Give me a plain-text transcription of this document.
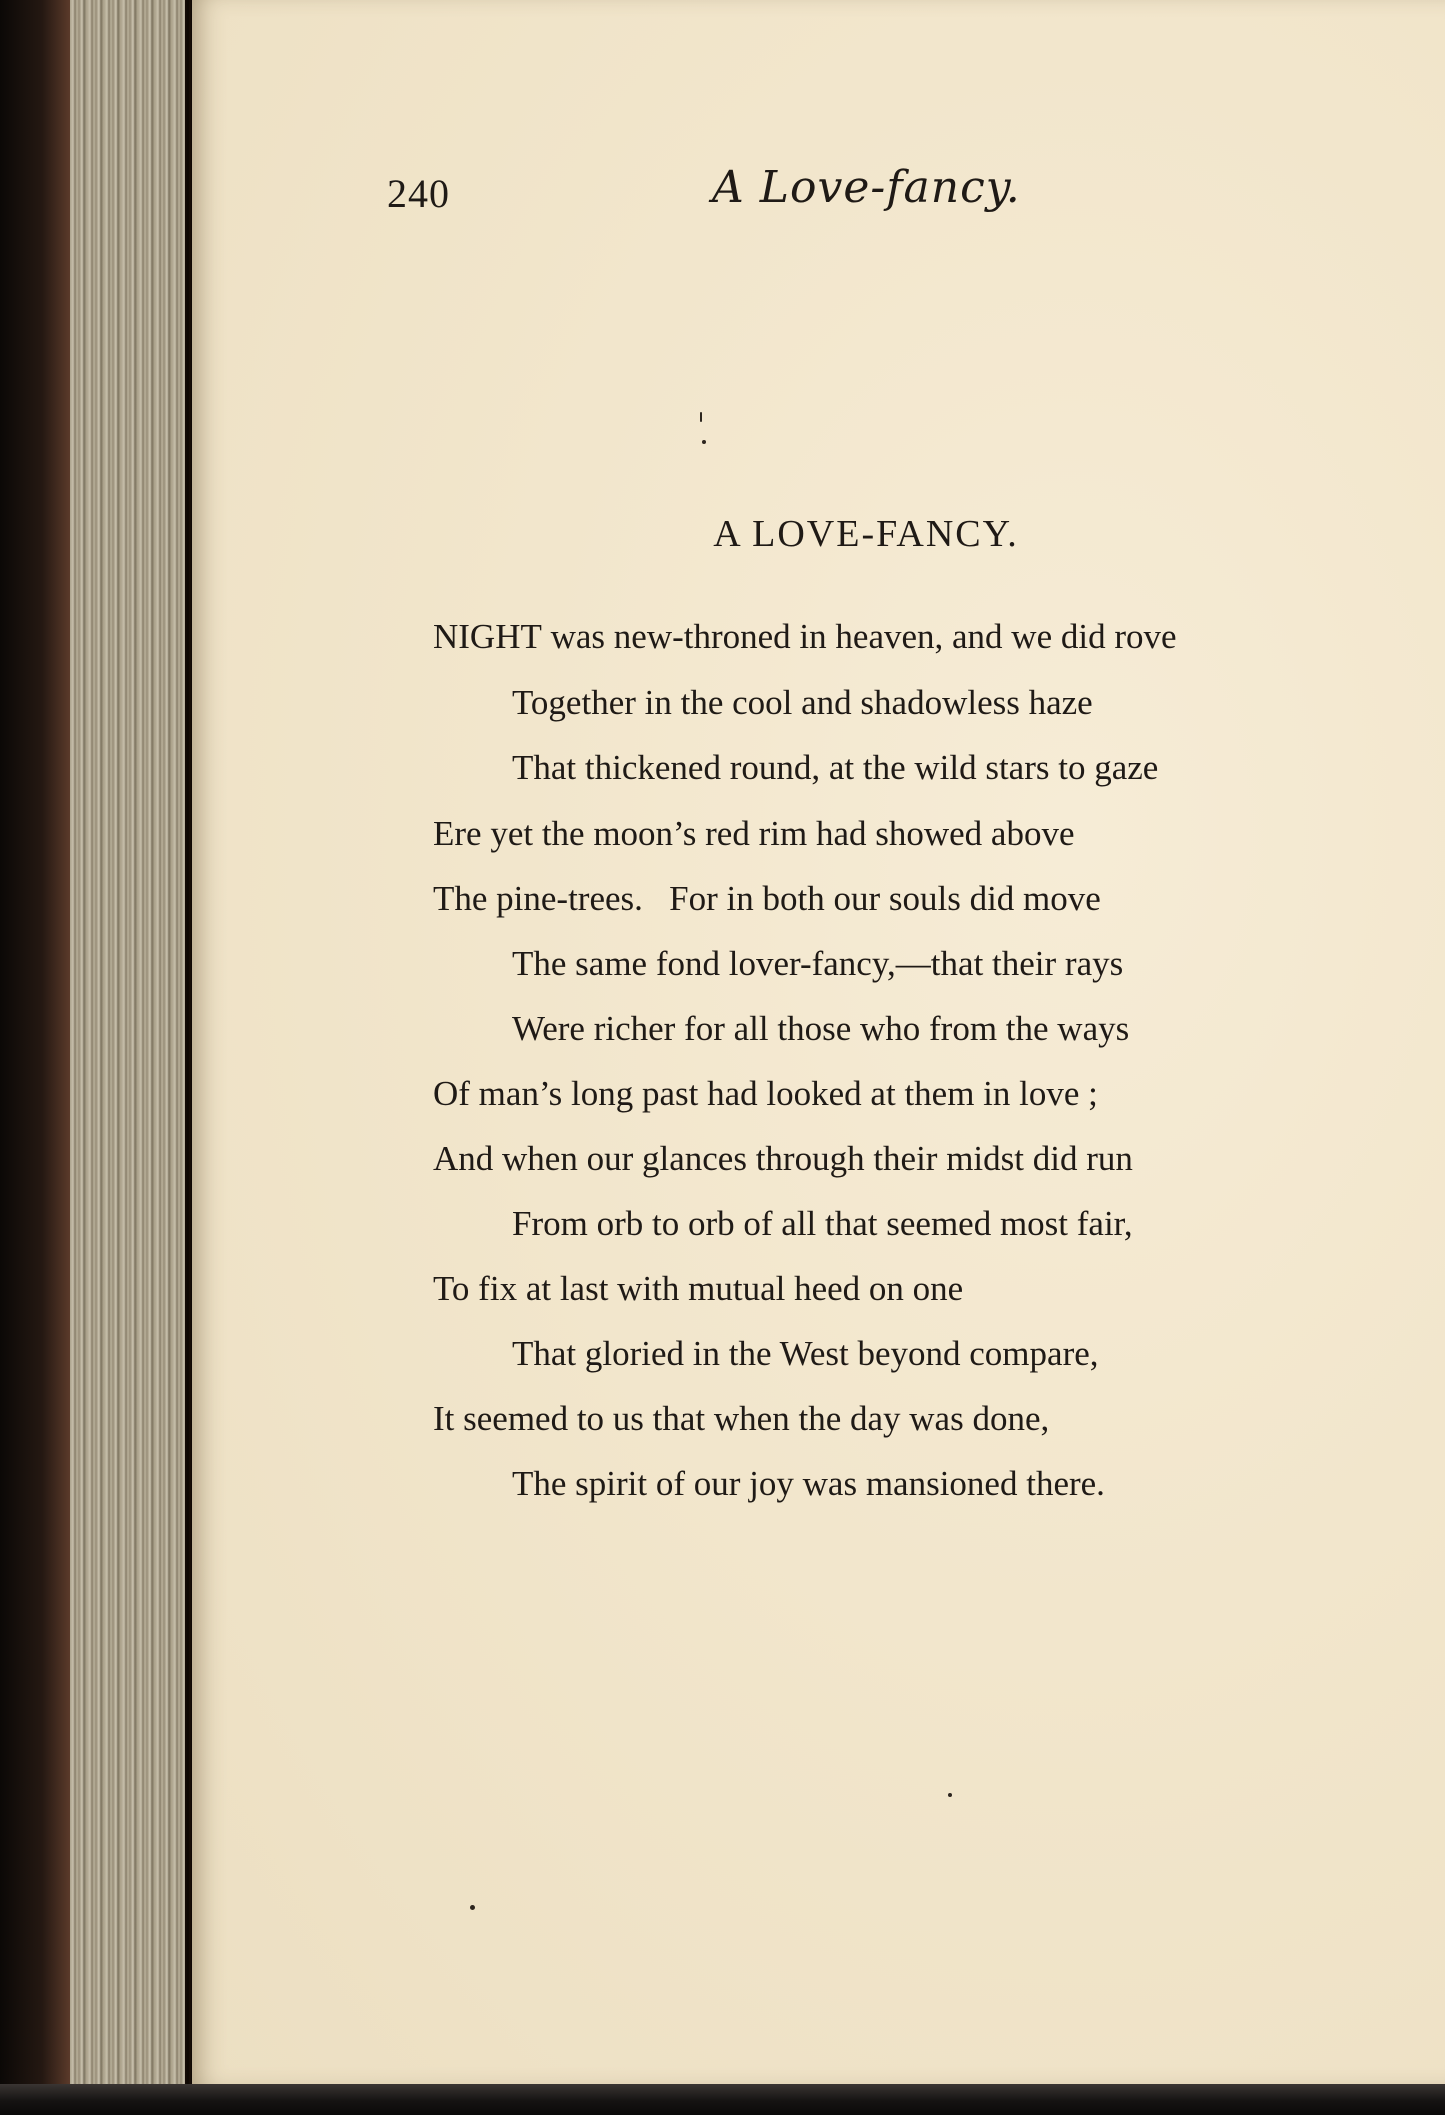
240	A Love-fancy.
A LOVE-FANCY.
NIGHT was new-throned in heaven, and we did rove
Together in the cool and shadowless haze
That thickened round, at the wild stars to gaze
Ere yet the moon’s red rim had showed above
The pine-trees.   For in both our souls did move
The same fond lover-fancy,—that their rays
Were richer for all those who from the ways
Of man’s long past had looked at them in love ;
And when our glances through their midst did run
From orb to orb of all that seemed most fair,
To fix at last with mutual heed on one
That gloried in the West beyond compare,
It seemed to us that when the day was done,
The spirit of our joy was mansioned there.
